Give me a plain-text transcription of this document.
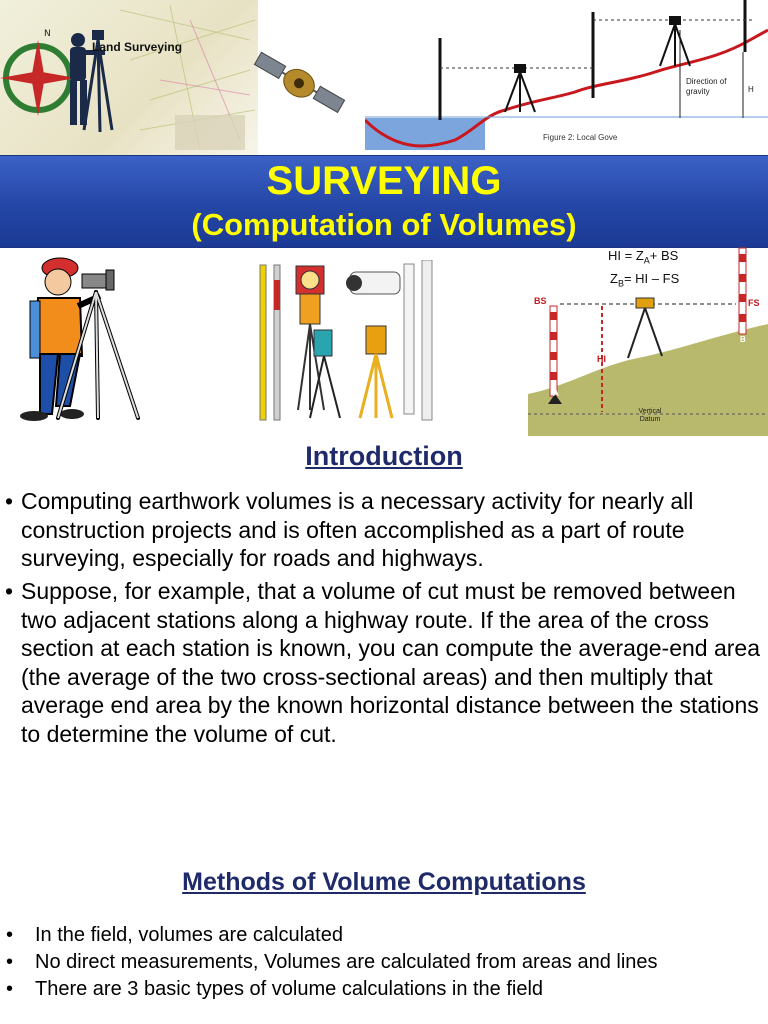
N
Land Surveying
Direction of gravity	H
Figure 2: Local Gove
SURVEYING
(Computation of Volumes)
BS	FS
HI
A
B
HI = $Z_A+$ BS
$Z_B=$ HI – FS
Vertical Datum
Introduction
• Computing earthwork volumes is a necessary activity for nearly all construction projects and is often accomplished as a part of route surveying, especially for roads and highways.
• Suppose, for example, that a volume of cut must be removed between two adjacent stations along a highway route. If the area of the cross section at each station is known, you can compute the average-end area (the average of the two cross-sectional areas) and then multiply that average end area by the known horizontal distance between the stations to determine the volume of cut.
Methods of Volume Computations
• In the field, volumes are calculated
• No direct measurements, Volumes are calculated from areas and lines
• There are 3 basic types of volume calculations in the field
